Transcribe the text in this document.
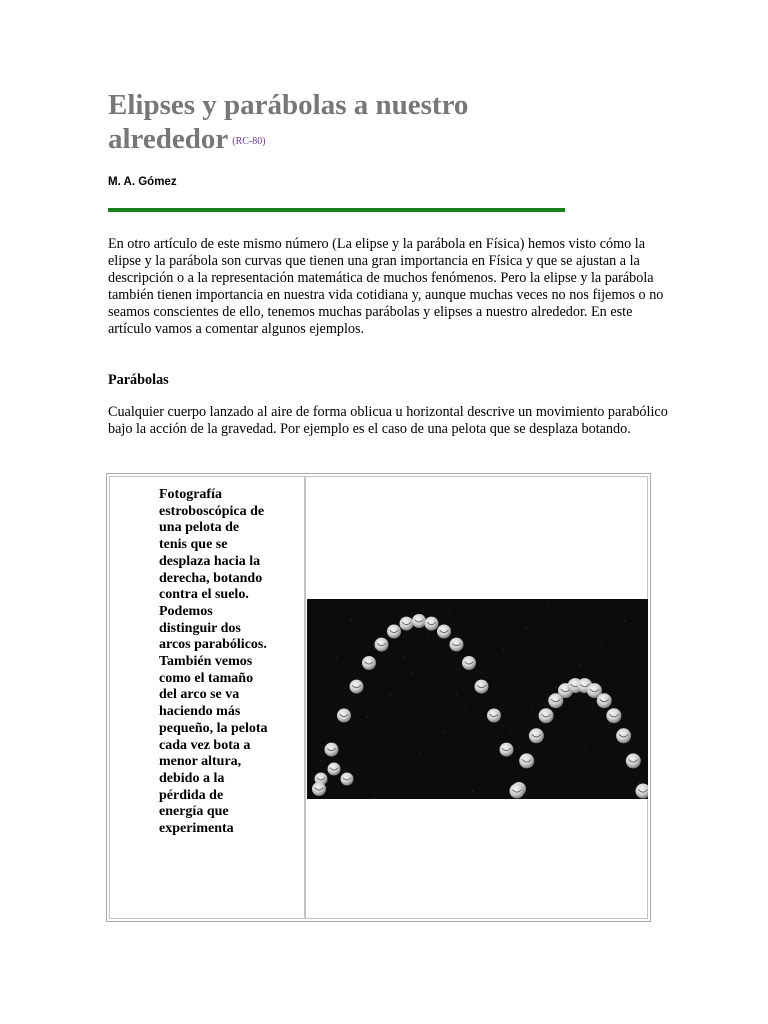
Elipses y parábolas a nuestro alrededor (RC-80)

M. A. Gómez

En otro artículo de este mismo número (La elipse y la parábola en Física) hemos visto cómo la elipse y la parábola son curvas que tienen una gran importancia en Física y que se ajustan a la descripción o a la representación matemática de muchos fenómenos. Pero la elipse y la parábola también tienen importancia en nuestra vida cotidiana y, aunque muchas veces no nos fijemos o no seamos conscientes de ello, tenemos muchas parábolas y elipses a nuestro alrededor. En este artículo vamos a comentar algunos ejemplos.

Parábolas

Cualquier cuerpo lanzado al aire de forma oblicua u horizontal descrive un movimiento parabólico bajo la acción de la gravedad. Por ejemplo es el caso de una pelota que se desplaza botando.

Fotografía estroboscópica de una pelota de tenis que se desplaza hacia la derecha, botando contra el suelo. Podemos distinguir dos arcos parabólicos. También vemos como el tamaño del arco se va haciendo más pequeño, la pelota cada vez bota a menor altura, debido a la pérdida de energía que experimenta
